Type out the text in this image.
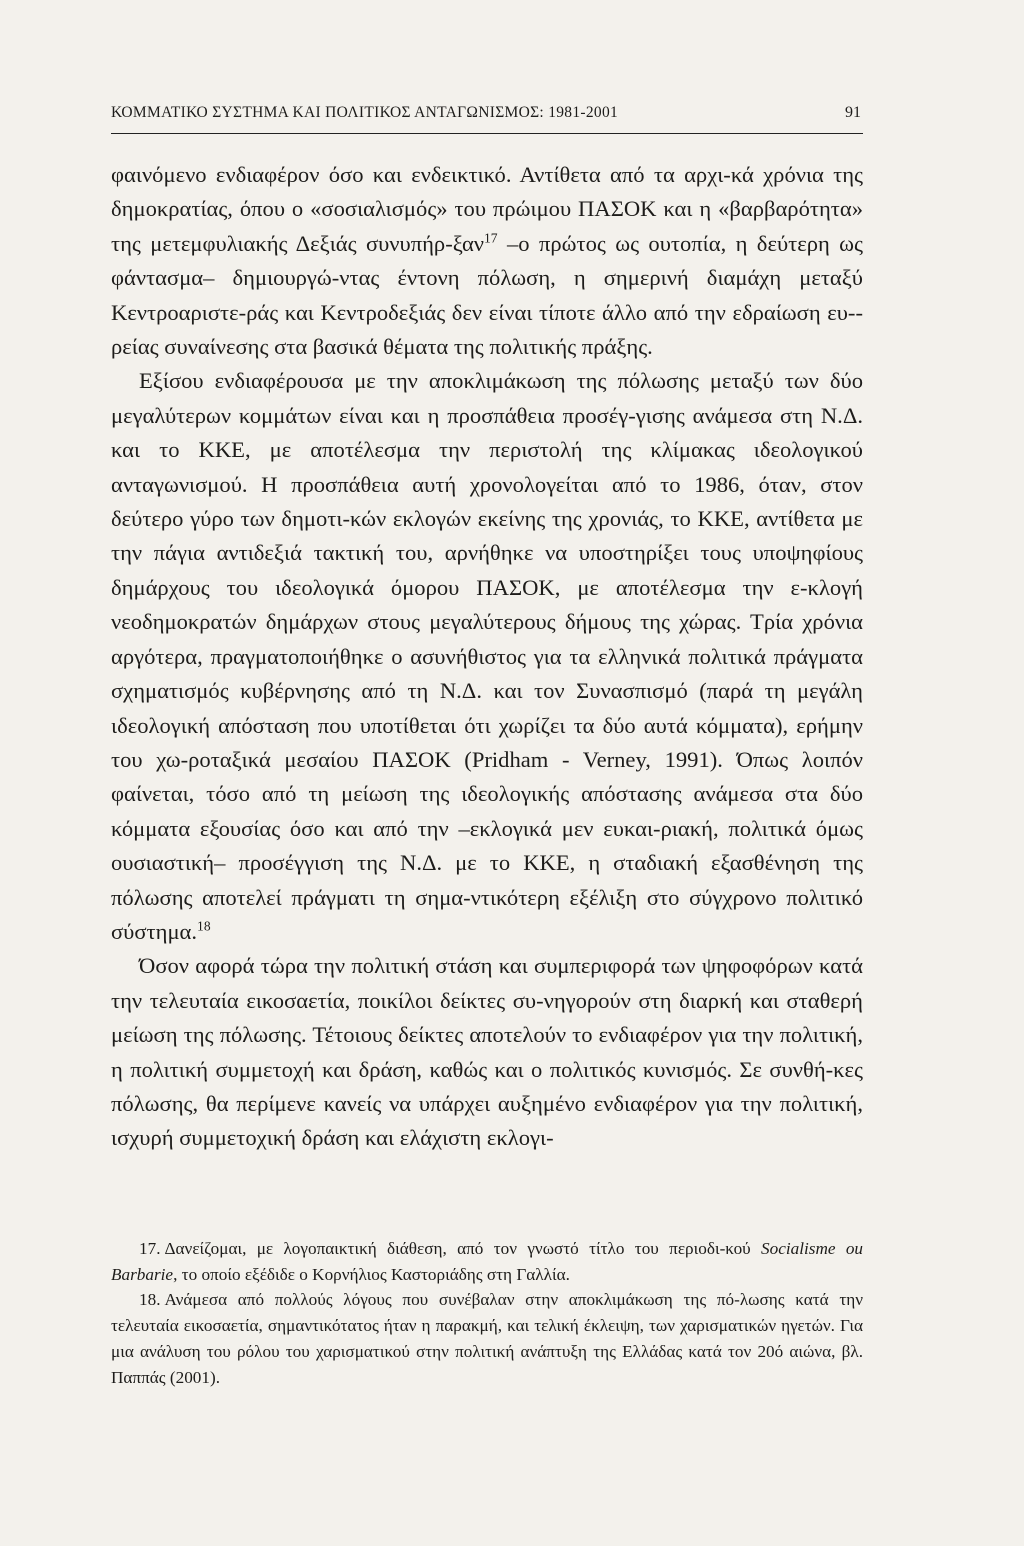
ΚΟΜΜΑΤΙΚΟ ΣΥΣΤΗΜΑ ΚΑΙ ΠΟΛΙΤΙΚΟΣ ΑΝΤΑΓΩΝΙΣΜΟΣ: 1981-2001	91

φαινόμενο ενδιαφέρον όσο και ενδεικτικό. Αντίθετα από τα αρχι-κά χρόνια της δημοκρατίας, όπου ο «σοσιαλισμός» του πρώιμου ΠΑΣΟΚ και η «βαρβαρότητα» της μετεμφυλιακής Δεξιάς συνυπήρ-ξαν$^{17}$ –ο πρώτος ως ουτοπία, η δεύτερη ως φάντασμα– δημιουργώ-ντας έντονη πόλωση, η σημερινή διαμάχη μεταξύ Κεντροαριστε-ράς και Κεντροδεξιάς δεν είναι τίποτε άλλο από την εδραίωση ευ-ρείας συναίνεσης στα βασικά θέματα της πολιτικής πράξης.

Εξίσου ενδιαφέρουσα με την αποκλιμάκωση της πόλωσης μεταξύ των δύο μεγαλύτερων κομμάτων είναι και η προσπάθεια προσέγ-γισης ανάμεσα στη Ν.Δ. και το ΚΚΕ, με αποτέλεσμα την περιστολή της κλίμακας ιδεολογικού ανταγωνισμού. Η προσπάθεια αυτή χρονολογείται από το 1986, όταν, στον δεύτερο γύρο των δημοτι-κών εκλογών εκείνης της χρονιάς, το ΚΚΕ, αντίθετα με την πάγια αντιδεξιά τακτική του, αρνήθηκε να υποστηρίξει τους υποψηφίους δημάρχους του ιδεολογικά όμορου ΠΑΣΟΚ, με αποτέλεσμα την ε-κλογή νεοδημοκρατών δημάρχων στους μεγαλύτερους δήμους της χώρας. Τρία χρόνια αργότερα, πραγματοποιήθηκε ο ασυνήθιστος για τα ελληνικά πολιτικά πράγματα σχηματισμός κυβέρνησης από τη Ν.Δ. και τον Συνασπισμό (παρά τη μεγάλη ιδεολογική απόσταση που υποτίθεται ότι χωρίζει τα δύο αυτά κόμματα), ερήμην του χω-ροταξικά μεσαίου ΠΑΣΟΚ (Pridham - Verney, 1991). Όπως λοιπόν φαίνεται, τόσο από τη μείωση της ιδεολογικής απόστασης ανάμεσα στα δύο κόμματα εξουσίας όσο και από την –εκλογικά μεν ευκαι-ριακή, πολιτικά όμως ουσιαστική– προσέγγιση της Ν.Δ. με το ΚΚΕ, η σταδιακή εξασθένηση της πόλωσης αποτελεί πράγματι τη σημα-ντικότερη εξέλιξη στο σύγχρονο πολιτικό σύστημα.$^{18}$

Όσον αφορά τώρα την πολιτική στάση και συμπεριφορά των ψηφοφόρων κατά την τελευταία εικοσαετία, ποικίλοι δείκτες συ-νηγορούν στη διαρκή και σταθερή μείωση της πόλωσης. Τέτοιους δείκτες αποτελούν το ενδιαφέρον για την πολιτική, η πολιτική συμμετοχή και δράση, καθώς και ο πολιτικός κυνισμός. Σε συνθή-κες πόλωσης, θα περίμενε κανείς να υπάρχει αυξημένο ενδιαφέρον για την πολιτική, ισχυρή συμμετοχική δράση και ελάχιστη εκλογι-

17. Δανείζομαι, με λογοπαικτική διάθεση, από τον γνωστό τίτλο του περιοδι-κού Socialisme ou Barbarie, το οποίο εξέδιδε ο Κορνήλιος Καστοριάδης στη Γαλλία.

18. Ανάμεσα από πολλούς λόγους που συνέβαλαν στην αποκλιμάκωση της πό-λωσης κατά την τελευταία εικοσαετία, σημαντικότατος ήταν η παρακμή, και τελική έκλειψη, των χαρισματικών ηγετών. Για μια ανάλυση του ρόλου του χαρισματικού στην πολιτική ανάπτυξη της Ελλάδας κατά τον 20ό αιώνα, βλ. Παππάς (2001).
